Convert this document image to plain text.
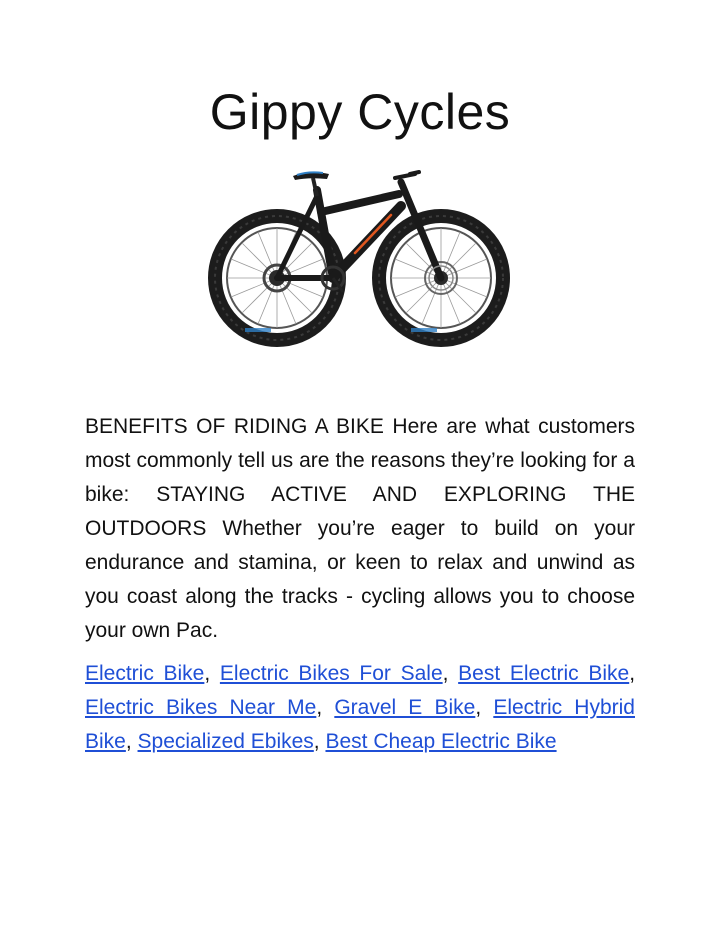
Gippy Cycles

BENEFITS OF RIDING A BIKE Here are what customers most commonly tell us are the reasons they’re looking for a bike: STAYING ACTIVE AND EXPLORING THE OUTDOORS Whether you’re eager to build on your endurance and stamina, or keen to relax and unwind as you coast along the tracks - cycling allows you to choose your own Pac.

Electric Bike, Electric Bikes For Sale, Best Electric Bike, Electric Bikes Near Me, Gravel E Bike, Electric Hybrid Bike, Specialized Ebikes, Best Cheap Electric Bike
